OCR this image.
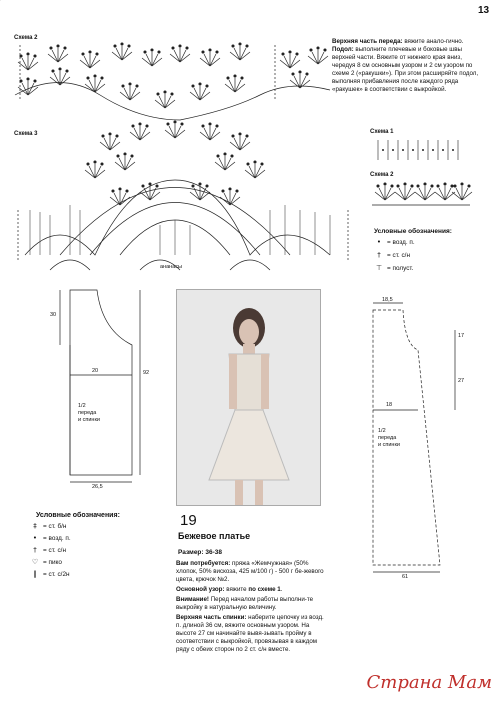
13
Схема 2
Схема 3	Схема 1
Схема 2
ананасы
Верхняя часть переда: вяжите анало-гично.
Подол: выполните плечевые и боковые швы верхней части. Вяжите от нижнего края вниз, чередуя 8 см основным узором и 2 см узором по схеме 2 («ракушки»). При этом расширяйте подол, выполняя прибавления после каждого ряда «ракушек» в соответствии с выкройкой.
Условные обозначения:
• = возд. п.
† = ст. с/н
⊤ = полуст.
30
92
20
26,5
1/2
переда
и спинки
18,5
17
27
18
61
1/2
переда
и спинки
Условные обозначения:
‡ = ст. б/н
• = возд. п.
† = ст. с/н
♡ = пико
‖ = ст. с/2н
19
Бежевое платье
Размер: 36-38
Вам потребуется: пряжа «Жемчужная» (50% хлопок, 50% вискоза, 425 м/100 г) - 500 г бе-жевого цвета, крючок №2.
Основной узор: вяжите по схеме 1.
Внимание! Перед началом работы выполни-те выкройку в натуральную величину.
Верхняя часть спинки: наберите цепочку из возд. п. длиной 36 см, вяжите основным узором. На высоте 27 см начинайте вывя-зывать пройму в соответствии с выкройкой, провязывая в каждом ряду с обеих сторон по 2 ст. с/н вместе.
Страна Мам
